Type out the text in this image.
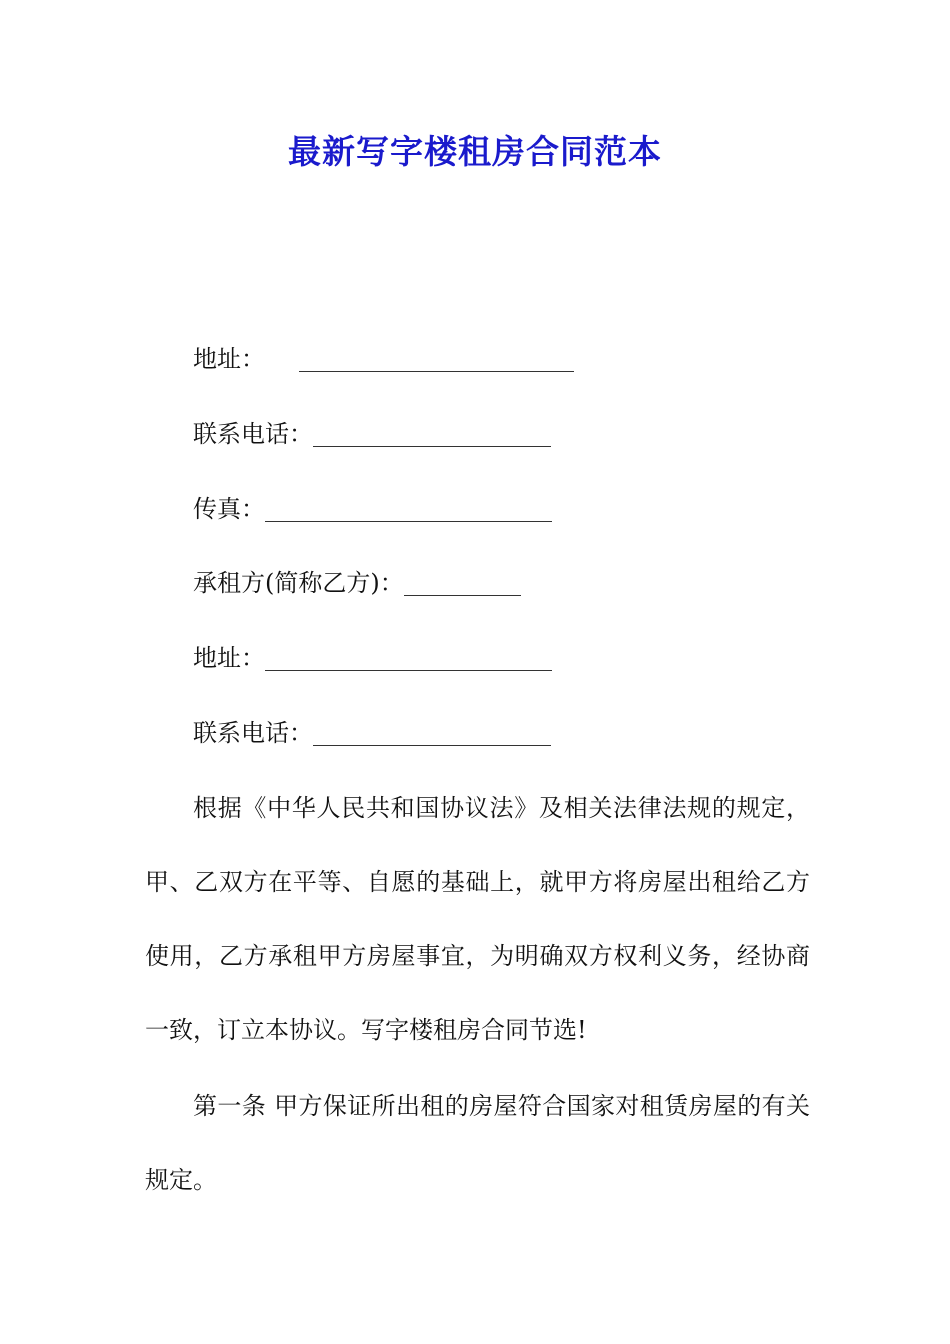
最新写字楼租房合同范本
地址：
联系电话：
传真：
承租方(简称乙方)：
地址：
联系电话：

根据《中华人民共和国协议法》及相关法律法规的规定，甲、乙双方在平等、自愿的基础上，就甲方将房屋出租给乙方使用，乙方承租甲方房屋事宜，为明确双方权利义务，经协商一致，订立本协议。写字楼租房合同节选!

第一条 甲方保证所出租的房屋符合国家对租赁房屋的有关规定。
